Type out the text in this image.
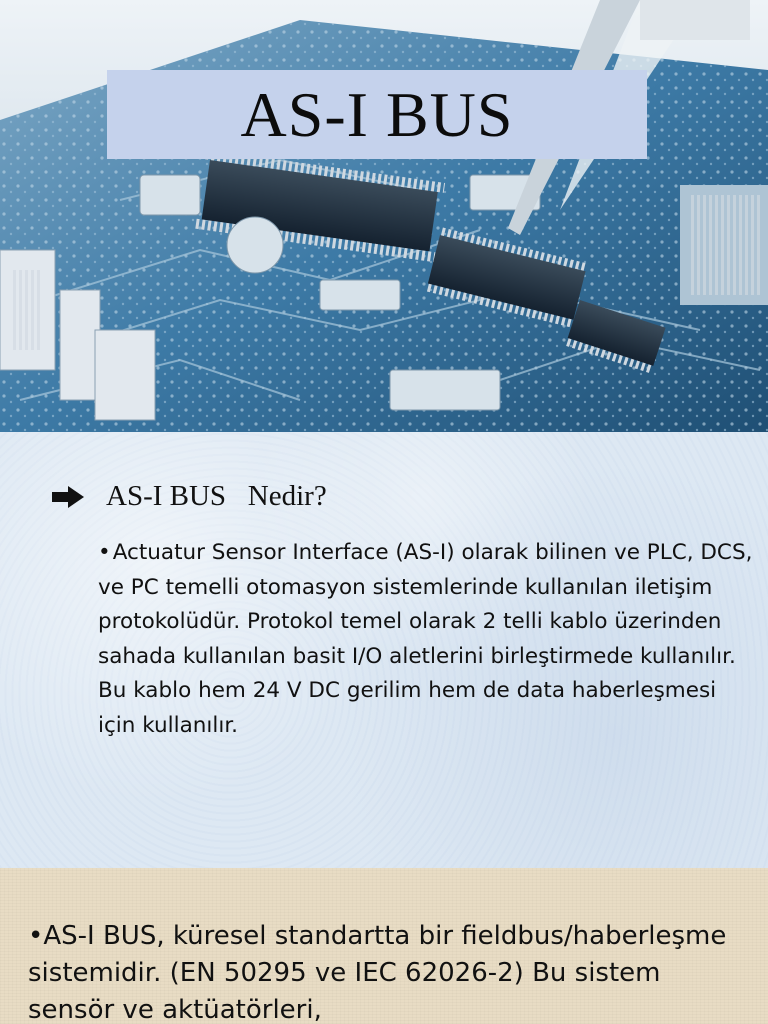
AS-I BUS
AS-I BUS   Nedir?
•Actuatur Sensor Interface (AS-I) olarak bilinen ve PLC, DCS, ve PC temelli otomasyon sistemlerinde kullanılan iletişim protokolüdür. Protokol temel olarak 2 telli kablo üzerinden sahada kullanılan basit I/O aletlerini birleştirmede kullanılır. Bu kablo hem 24 V DC gerilim hem de data haberleşmesi için kullanılır.
•AS-I BUS, küresel standartta bir fieldbus/haberleşme sistemidir. (EN 50295 ve IEC 62026-2) Bu sistem sensör ve aktüatörleri,
